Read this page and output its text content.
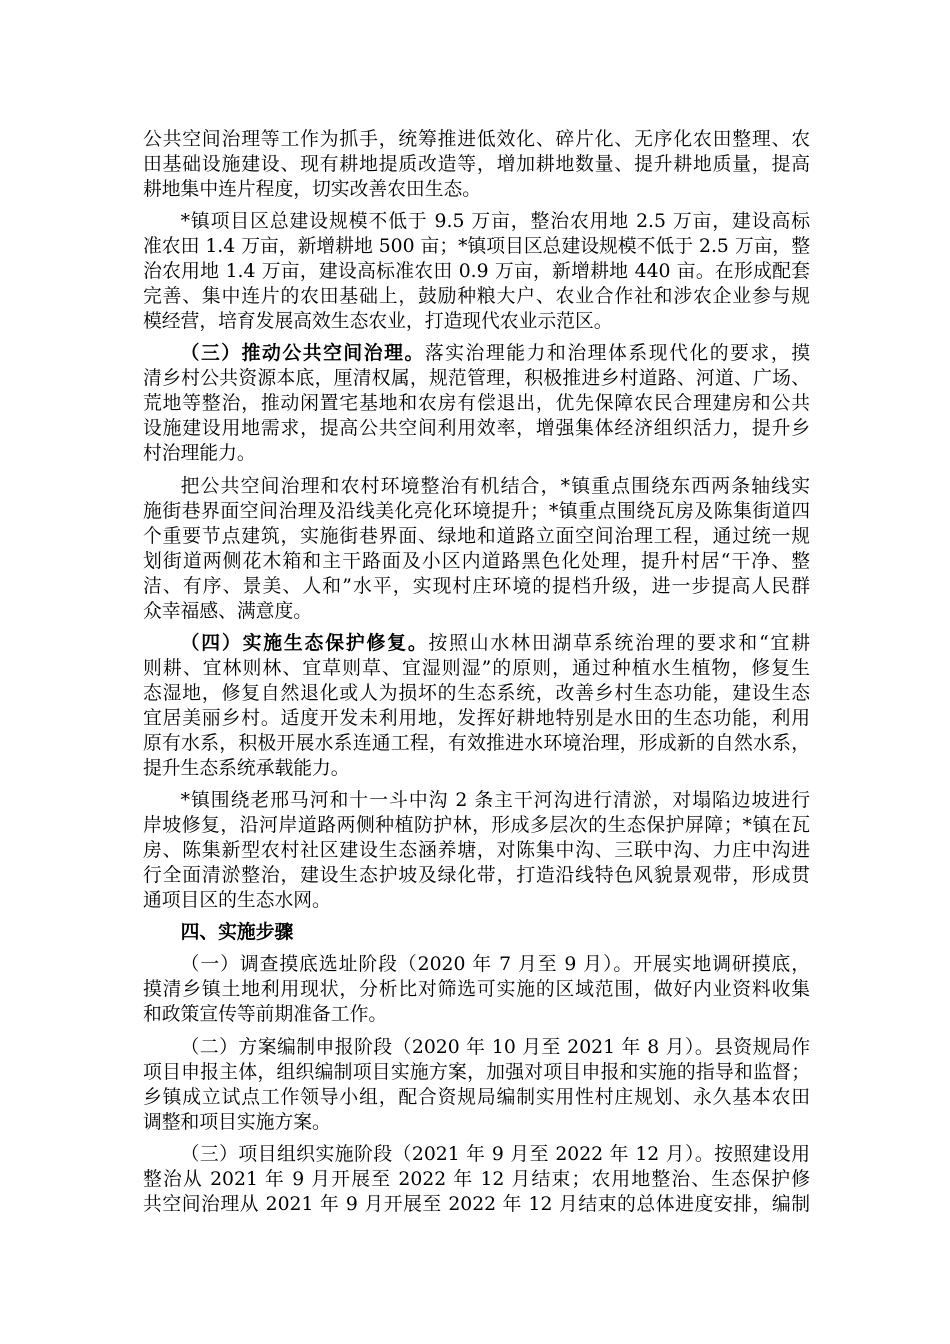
公共空间治理等工作为抓手，统筹推进低效化、碎片化、无序化农田整理、农
田基础设施建设、现有耕地提质改造等，增加耕地数量、提升耕地质量，提高
耕地集中连片程度，切实改善农田生态。
*镇项目区总建设规模不低于 9.5 万亩，整治农用地 2.5 万亩，建设高标
准农田 1.4 万亩，新增耕地 500 亩；*镇项目区总建设规模不低于 2.5 万亩，整
治农用地 1.4 万亩，建设高标准农田 0.9 万亩，新增耕地 440 亩。在形成配套
完善、集中连片的农田基础上，鼓励种粮大户、农业合作社和涉农企业参与规
模经营，培育发展高效生态农业，打造现代农业示范区。
（三）推动公共空间治理。落实治理能力和治理体系现代化的要求，摸
清乡村公共资源本底，厘清权属，规范管理，积极推进乡村道路、河道、广场、
荒地等整治，推动闲置宅基地和农房有偿退出，优先保障农民合理建房和公共
设施建设用地需求，提高公共空间利用效率，增强集体经济组织活力，提升乡
村治理能力。
把公共空间治理和农村环境整治有机结合，*镇重点围绕东西两条轴线实
施街巷界面空间治理及沿线美化亮化环境提升；*镇重点围绕瓦房及陈集街道四
个重要节点建筑，实施街巷界面、绿地和道路立面空间治理工程，通过统一规
划街道两侧花木箱和主干路面及小区内道路黑色化处理，提升村居“干净、整
洁、有序、景美、人和”水平，实现村庄环境的提档升级，进一步提高人民群
众幸福感、满意度。
（四）实施生态保护修复。按照山水林田湖草系统治理的要求和“宜耕
则耕、宜林则林、宜草则草、宜湿则湿”的原则，通过种植水生植物，修复生
态湿地，修复自然退化或人为损坏的生态系统，改善乡村生态功能，建设生态
宜居美丽乡村。适度开发未利用地，发挥好耕地特别是水田的生态功能，利用
原有水系，积极开展水系连通工程，有效推进水环境治理，形成新的自然水系，
提升生态系统承载能力。
*镇围绕老邢马河和十一斗中沟 2 条主干河沟进行清淤，对塌陷边坡进行
岸坡修复，沿河岸道路两侧种植防护林，形成多层次的生态保护屏障；*镇在瓦
房、陈集新型农村社区建设生态涵养塘，对陈集中沟、三联中沟、力庄中沟进
行全面清淤整治，建设生态护坡及绿化带，打造沿线特色风貌景观带，形成贯
通项目区的生态水网。
四、实施步骤
（一）调查摸底选址阶段（2020 年 7 月至 9 月）。开展实地调研摸底，
摸清乡镇土地利用现状，分析比对筛选可实施的区域范围，做好内业资料收集
和政策宣传等前期准备工作。
（二）方案编制申报阶段（2020 年 10 月至 2021 年 8 月）。县资规局作
项目申报主体，组织编制项目实施方案，加强对项目申报和实施的指导和监督；
乡镇成立试点工作领导小组，配合资规局编制实用性村庄规划、永久基本农田
调整和项目实施方案。
（三）项目组织实施阶段（2021 年 9 月至 2022 年 12 月）。按照建设用
整治从 2021 年 9 月开展至 2022 年 12 月结束；农用地整治、生态保护修
共空间治理从 2021 年 9 月开展至 2022 年 12 月结束的总体进度安排，编制
